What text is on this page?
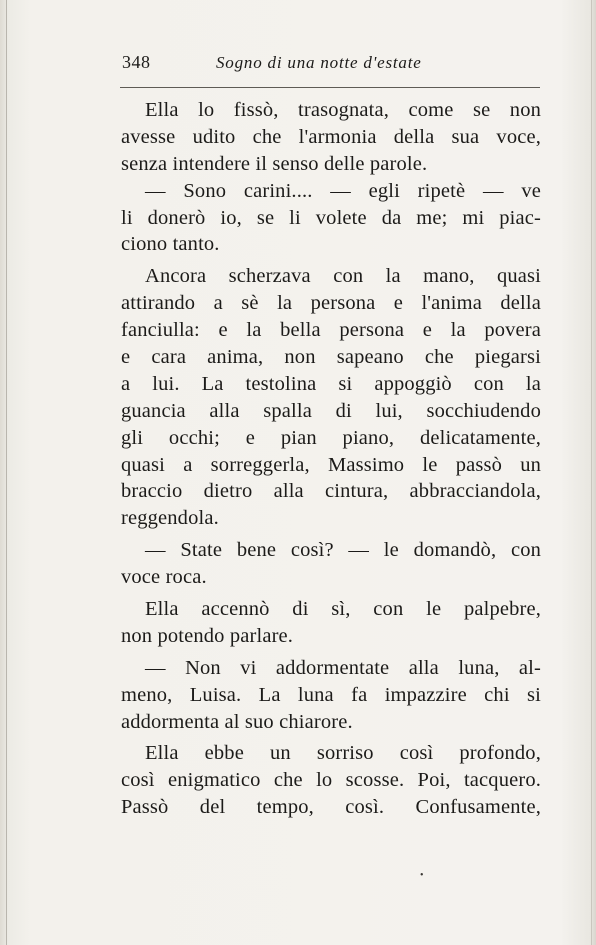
348	Sogno di una notte d'estate
Ella lo fissò, trasognata, come se non
avesse udito che l'armonia della sua voce,
senza intendere il senso delle parole.
— Sono carini.... — egli ripetè — ve
li donerò io, se li volete da me; mi piac-
ciono tanto.
Ancora scherzava con la mano, quasi
attirando a sè la persona e l'anima della
fanciulla: e la bella persona e la povera
e cara anima, non sapeano che piegarsi
a lui. La testolina si appoggiò con la
guancia alla spalla di lui, socchiudendo
gli occhi; e pian piano, delicatamente,
quasi a sorreggerla, Massimo le passò un
braccio dietro alla cintura, abbracciandola,
reggendola.
— State bene così? — le domandò, con
voce roca.
Ella accennò di sì, con le palpebre,
non potendo parlare.
— Non vi addormentate alla luna, al-
meno, Luisa. La luna fa impazzire chi si
addormenta al suo chiarore.
Ella ebbe un sorriso così profondo,
così enigmatico che lo scosse. Poi, tacquero.
Passò del tempo, così. Confusamente,
•
